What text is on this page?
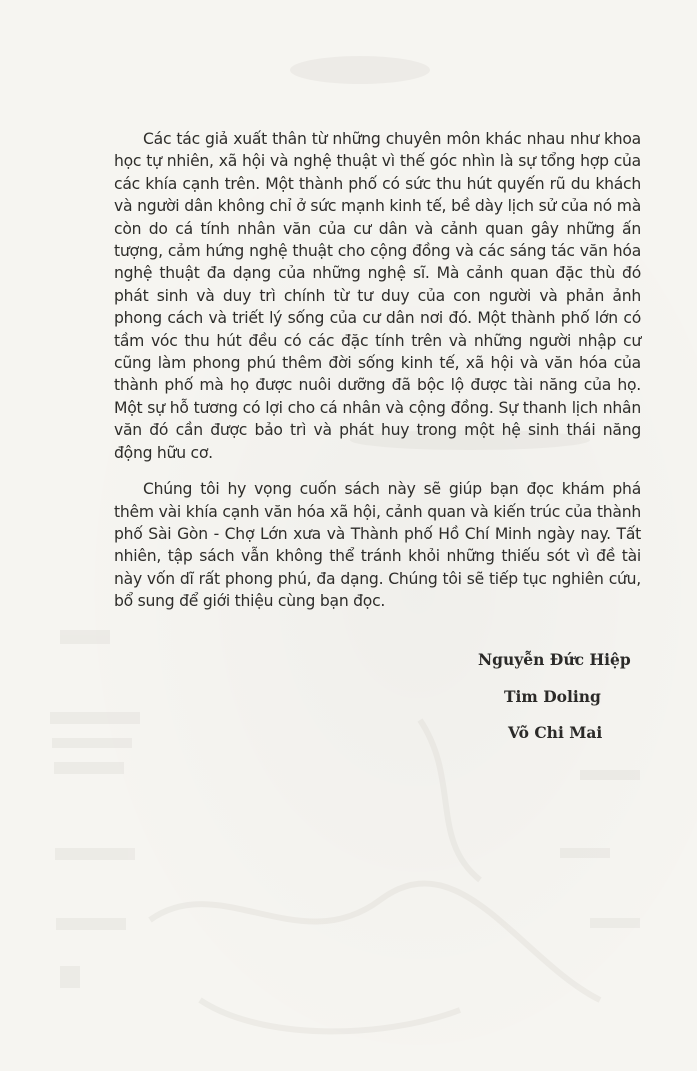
Các tác giả xuất thân từ những chuyên môn khác nhau như khoa học tự nhiên, xã hội và nghệ thuật vì thế góc nhìn là sự tổng hợp của các khía cạnh trên. Một thành phố có sức thu hút quyến rũ du khách và người dân không chỉ ở sức mạnh kinh tế, bề dày lịch sử của nó mà còn do cá tính nhân văn của cư dân và cảnh quan gây những ấn tượng, cảm hứng nghệ thuật cho cộng đồng và các sáng tác văn hóa nghệ thuật đa dạng của những nghệ sĩ. Mà cảnh quan đặc thù đó phát sinh và duy trì chính từ tư duy của con người và phản ảnh phong cách và triết lý sống của cư dân nơi đó. Một thành phố lớn có tầm vóc thu hút đều có các đặc tính trên và những người nhập cư cũng làm phong phú thêm đời sống kinh tế, xã hội và văn hóa của thành phố mà họ được nuôi dưỡng đã bộc lộ được tài năng của họ. Một sự hỗ tương có lợi cho cá nhân và cộng đồng. Sự thanh lịch nhân văn đó cần được bảo trì và phát huy trong một hệ sinh thái năng động hữu cơ.

Chúng tôi hy vọng cuốn sách này sẽ giúp bạn đọc khám phá thêm vài khía cạnh văn hóa xã hội, cảnh quan và kiến trúc của thành phố Sài Gòn - Chợ Lớn xưa và Thành phố Hồ Chí Minh ngày nay. Tất nhiên, tập sách vẫn không thể tránh khỏi những thiếu sót vì đề tài này vốn dĩ rất phong phú, đa dạng. Chúng tôi sẽ tiếp tục nghiên cứu, bổ sung để giới thiệu cùng bạn đọc.

Nguyễn Đức Hiệp
Tim Doling
Võ Chi Mai
